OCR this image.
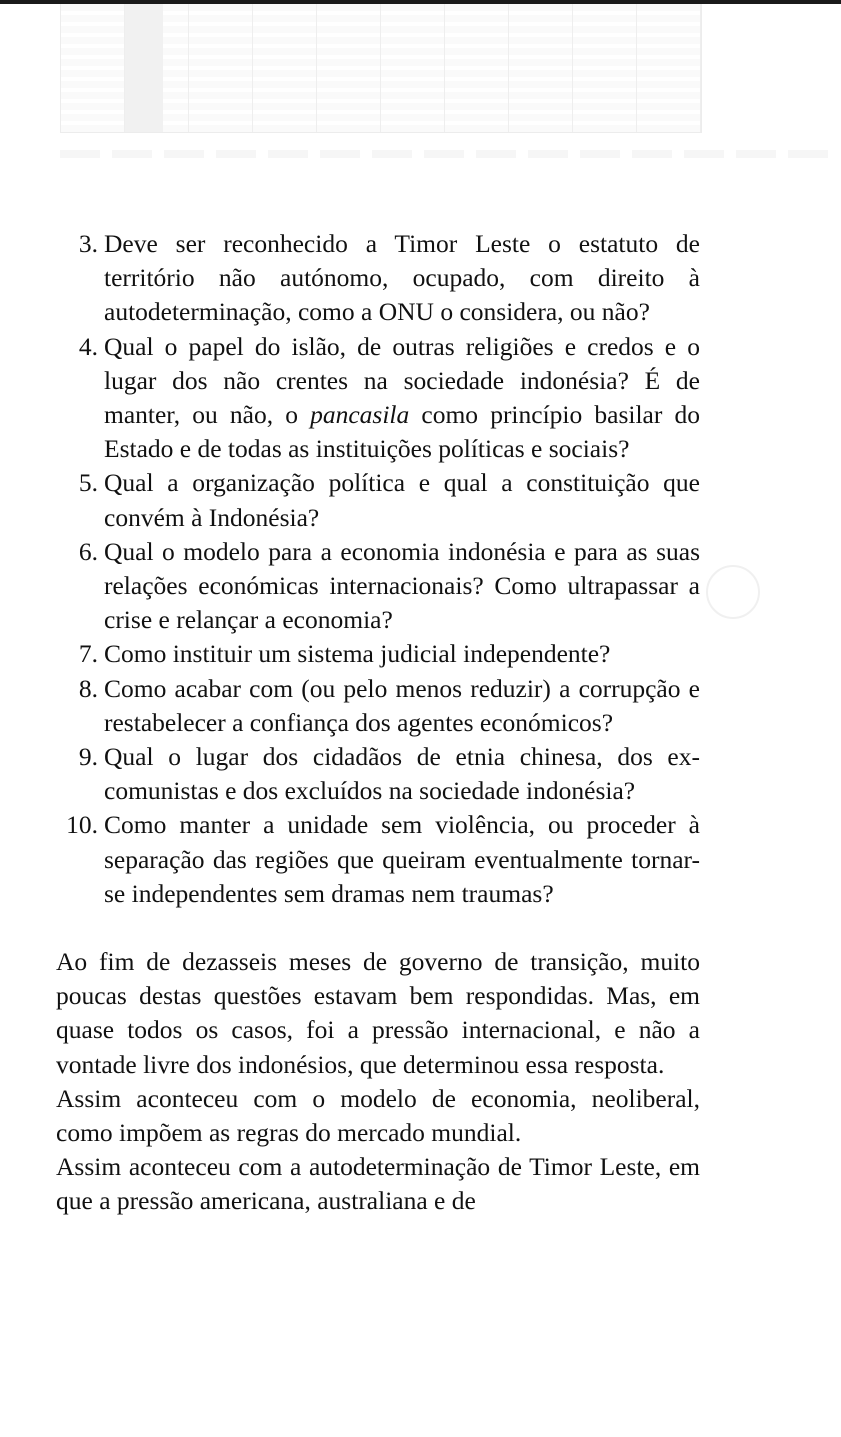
3. Deve ser reconhecido a Timor Leste o estatuto de território não autónomo, ocupado, com direito à autodeterminação, como a ONU o considera, ou não?
4. Qual o papel do islão, de outras religiões e credos e o lugar dos não crentes na sociedade indonésia? É de manter, ou não, o pancasila como princípio basilar do Estado e de todas as instituições políticas e sociais?
5. Qual a organização política e qual a constituição que convém à Indonésia?
6. Qual o modelo para a economia indonésia e para as suas relações económicas internacionais? Como ultrapassar a crise e relançar a economia?
7. Como instituir um sistema judicial independente?
8. Como acabar com (ou pelo menos reduzir) a corrupção e restabelecer a confiança dos agentes económicos?
9. Qual o lugar dos cidadãos de etnia chinesa, dos ex-comunistas e dos excluídos na sociedade indonésia?
10. Como manter a unidade sem violência, ou proceder à separação das regiões que queiram eventualmente tornar-se independentes sem dramas nem traumas?

Ao fim de dezasseis meses de governo de transição, muito poucas destas questões estavam bem respondidas. Mas, em quase todos os casos, foi a pressão internacional, e não a vontade livre dos indonésios, que determinou essa resposta.

Assim aconteceu com o modelo de economia, neoliberal, como impõem as regras do mercado mundial.

Assim aconteceu com a autodeterminação de Timor Leste, em que a pressão americana, australiana e de
